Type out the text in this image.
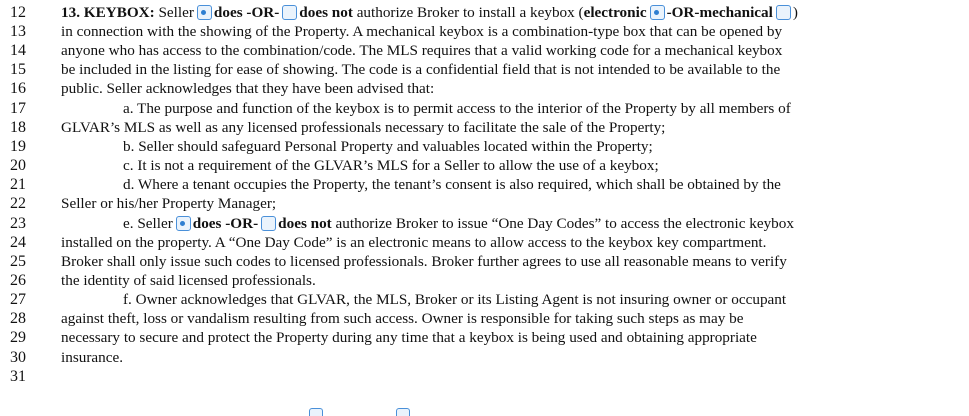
12	13. KEYBOX: Seller does -OR- does not authorize Broker to install a keybox (electronic -OR-mechanical )
13	in connection with the showing of the Property. A mechanical keybox is a combination-type box that can be opened by
14	anyone who has access to the combination/code. The MLS requires that a valid working code for a mechanical keybox
15	be included in the listing for ease of showing. The code is a confidential field that is not intended to be available to the
16	public. Seller acknowledges that they have been advised that:
17	a. The purpose and function of the keybox is to permit access to the interior of the Property by all members of
18	GLVAR’s MLS as well as any licensed professionals necessary to facilitate the sale of the Property;
19	b. Seller should safeguard Personal Property and valuables located within the Property;
20	c. It is not a requirement of the GLVAR’s MLS for a Seller to allow the use of a keybox;
21	d. Where a tenant occupies the Property, the tenant’s consent is also required, which shall be obtained by the
22	Seller or his/her Property Manager;
23	e. Seller does -OR- does not authorize Broker to issue “One Day Codes” to access the electronic keybox
24	installed on the property. A “One Day Code” is an electronic means to allow access to the keybox key compartment.
25	Broker shall only issue such codes to licensed professionals. Broker further agrees to use all reasonable means to verify
26	the identity of said licensed professionals.
27	f. Owner acknowledges that GLVAR, the MLS, Broker or its Listing Agent is not insuring owner or occupant
28	against theft, loss or vandalism resulting from such access. Owner is responsible for taking such steps as may be
29	necessary to secure and protect the Property during any time that a keybox is being used and obtaining appropriate
30	insurance.
31
